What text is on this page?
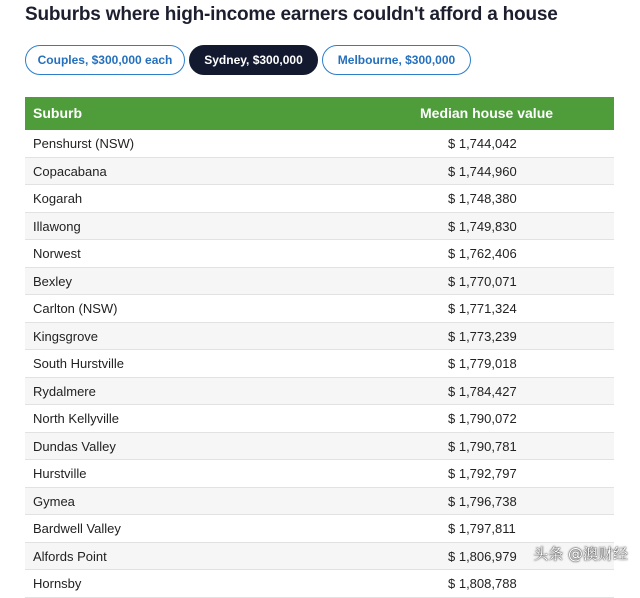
Suburbs where high-income earners couldn't afford a house
Couples, $300,000 each	Sydney, $300,000	Melbourne, $300,000
Suburb	Median house value
Penshurst (NSW)	$ 1,744,042
Copacabana	$ 1,744,960
Kogarah	$ 1,748,380
Illawong	$ 1,749,830
Norwest	$ 1,762,406
Bexley	$ 1,770,071
Carlton (NSW)	$ 1,771,324
Kingsgrove	$ 1,773,239
South Hurstville	$ 1,779,018
Rydalmere	$ 1,784,427
North Kellyville	$ 1,790,072
Dundas Valley	$ 1,790,781
Hurstville	$ 1,792,797
Gymea	$ 1,796,738
Bardwell Valley	$ 1,797,811
Alfords Point	$ 1,806,979
Hornsby	$ 1,808,788
头条 @澳财经
